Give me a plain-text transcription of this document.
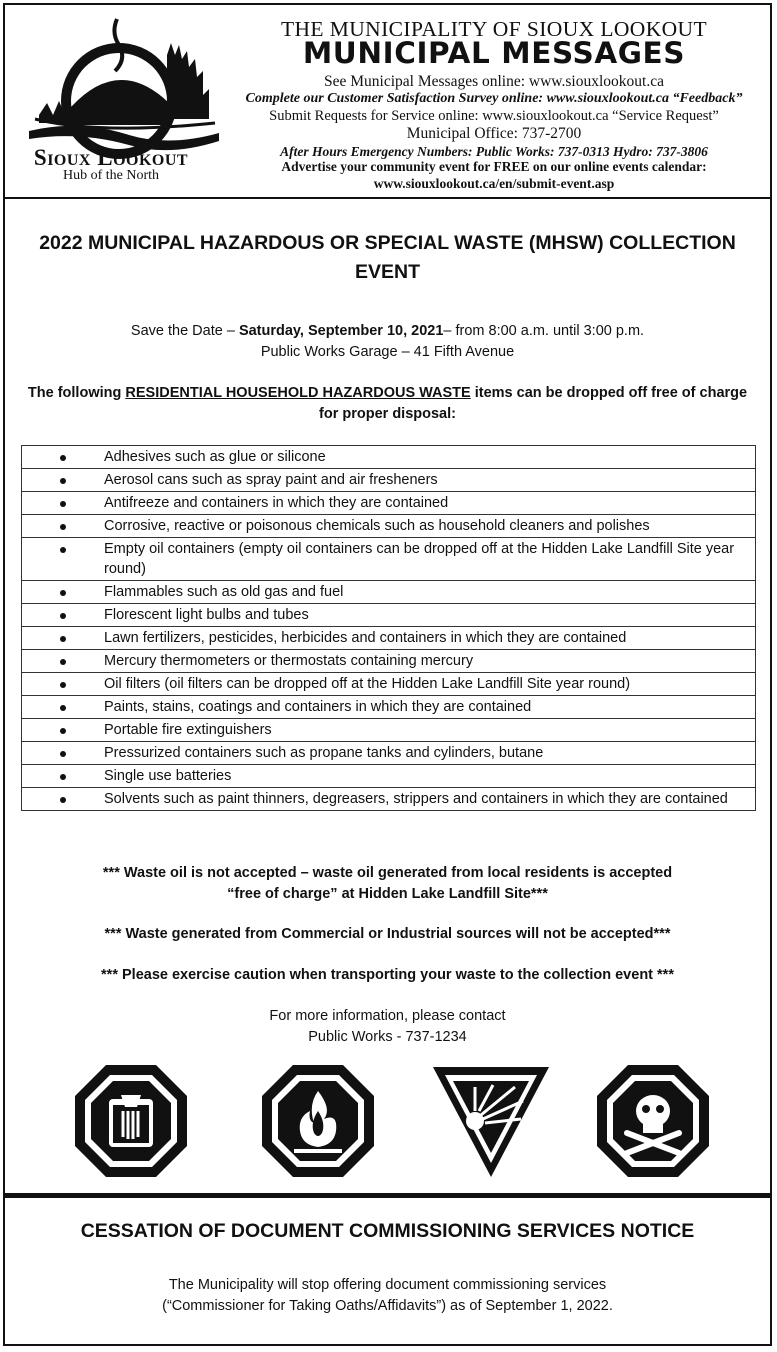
Sioux Lookout
Hub of the North
THE MUNICIPALITY OF SIOUX LOOKOUT
MUNICIPAL MESSAGES
See Municipal Messages online: www.siouxlookout.ca
Complete our Customer Satisfaction Survey online: www.siouxlookout.ca “Feedback”
Submit Requests for Service online: www.siouxlookout.ca “Service Request”
Municipal Office: 737-2700
After Hours Emergency Numbers: Public Works: 737-0313 Hydro: 737-3806
Advertise your community event for FREE on our online events calendar:
www.siouxlookout.ca/en/submit-event.asp
2022 MUNICIPAL HAZARDOUS OR SPECIAL WASTE (MHSW) COLLECTION EVENT
Save the Date – Saturday, September 10, 2021– from 8:00 a.m. until 3:00 p.m.
Public Works Garage – 41 Fifth Avenue
The following RESIDENTIAL HOUSEHOLD HAZARDOUS WASTE items can be dropped off free of charge for proper disposal:
	Adhesives such as glue or silicone
	Aerosol cans such as spray paint and air fresheners
	Antifreeze and containers in which they are contained
	Corrosive, reactive or poisonous chemicals such as household cleaners and polishes
	Empty oil containers (empty oil containers can be dropped off at the Hidden Lake Landfill Site year round)
	Flammables such as old gas and fuel
	Florescent light bulbs and tubes
	Lawn fertilizers, pesticides, herbicides and containers in which they are contained
	Mercury thermometers or thermostats containing mercury
	Oil filters (oil filters can be dropped off at the Hidden Lake Landfill Site year round)
	Paints, stains, coatings and containers in which they are contained
	Portable fire extinguishers
	Pressurized containers such as propane tanks and cylinders, butane
	Single use batteries
	Solvents such as paint thinners, degreasers, strippers and containers in which they are contained
*** Waste oil is not accepted – waste oil generated from local residents is accepted
“free of charge” at Hidden Lake Landfill Site***
*** Waste generated from Commercial or Industrial sources will not be accepted***
*** Please exercise caution when transporting your waste to the collection event ***
For more information, please contact
Public Works - 737-1234
CESSATION OF DOCUMENT COMMISSIONING SERVICES NOTICE
The Municipality will stop offering document commissioning services
(“Commissioner for Taking Oaths/Affidavits”) as of September 1, 2022.
